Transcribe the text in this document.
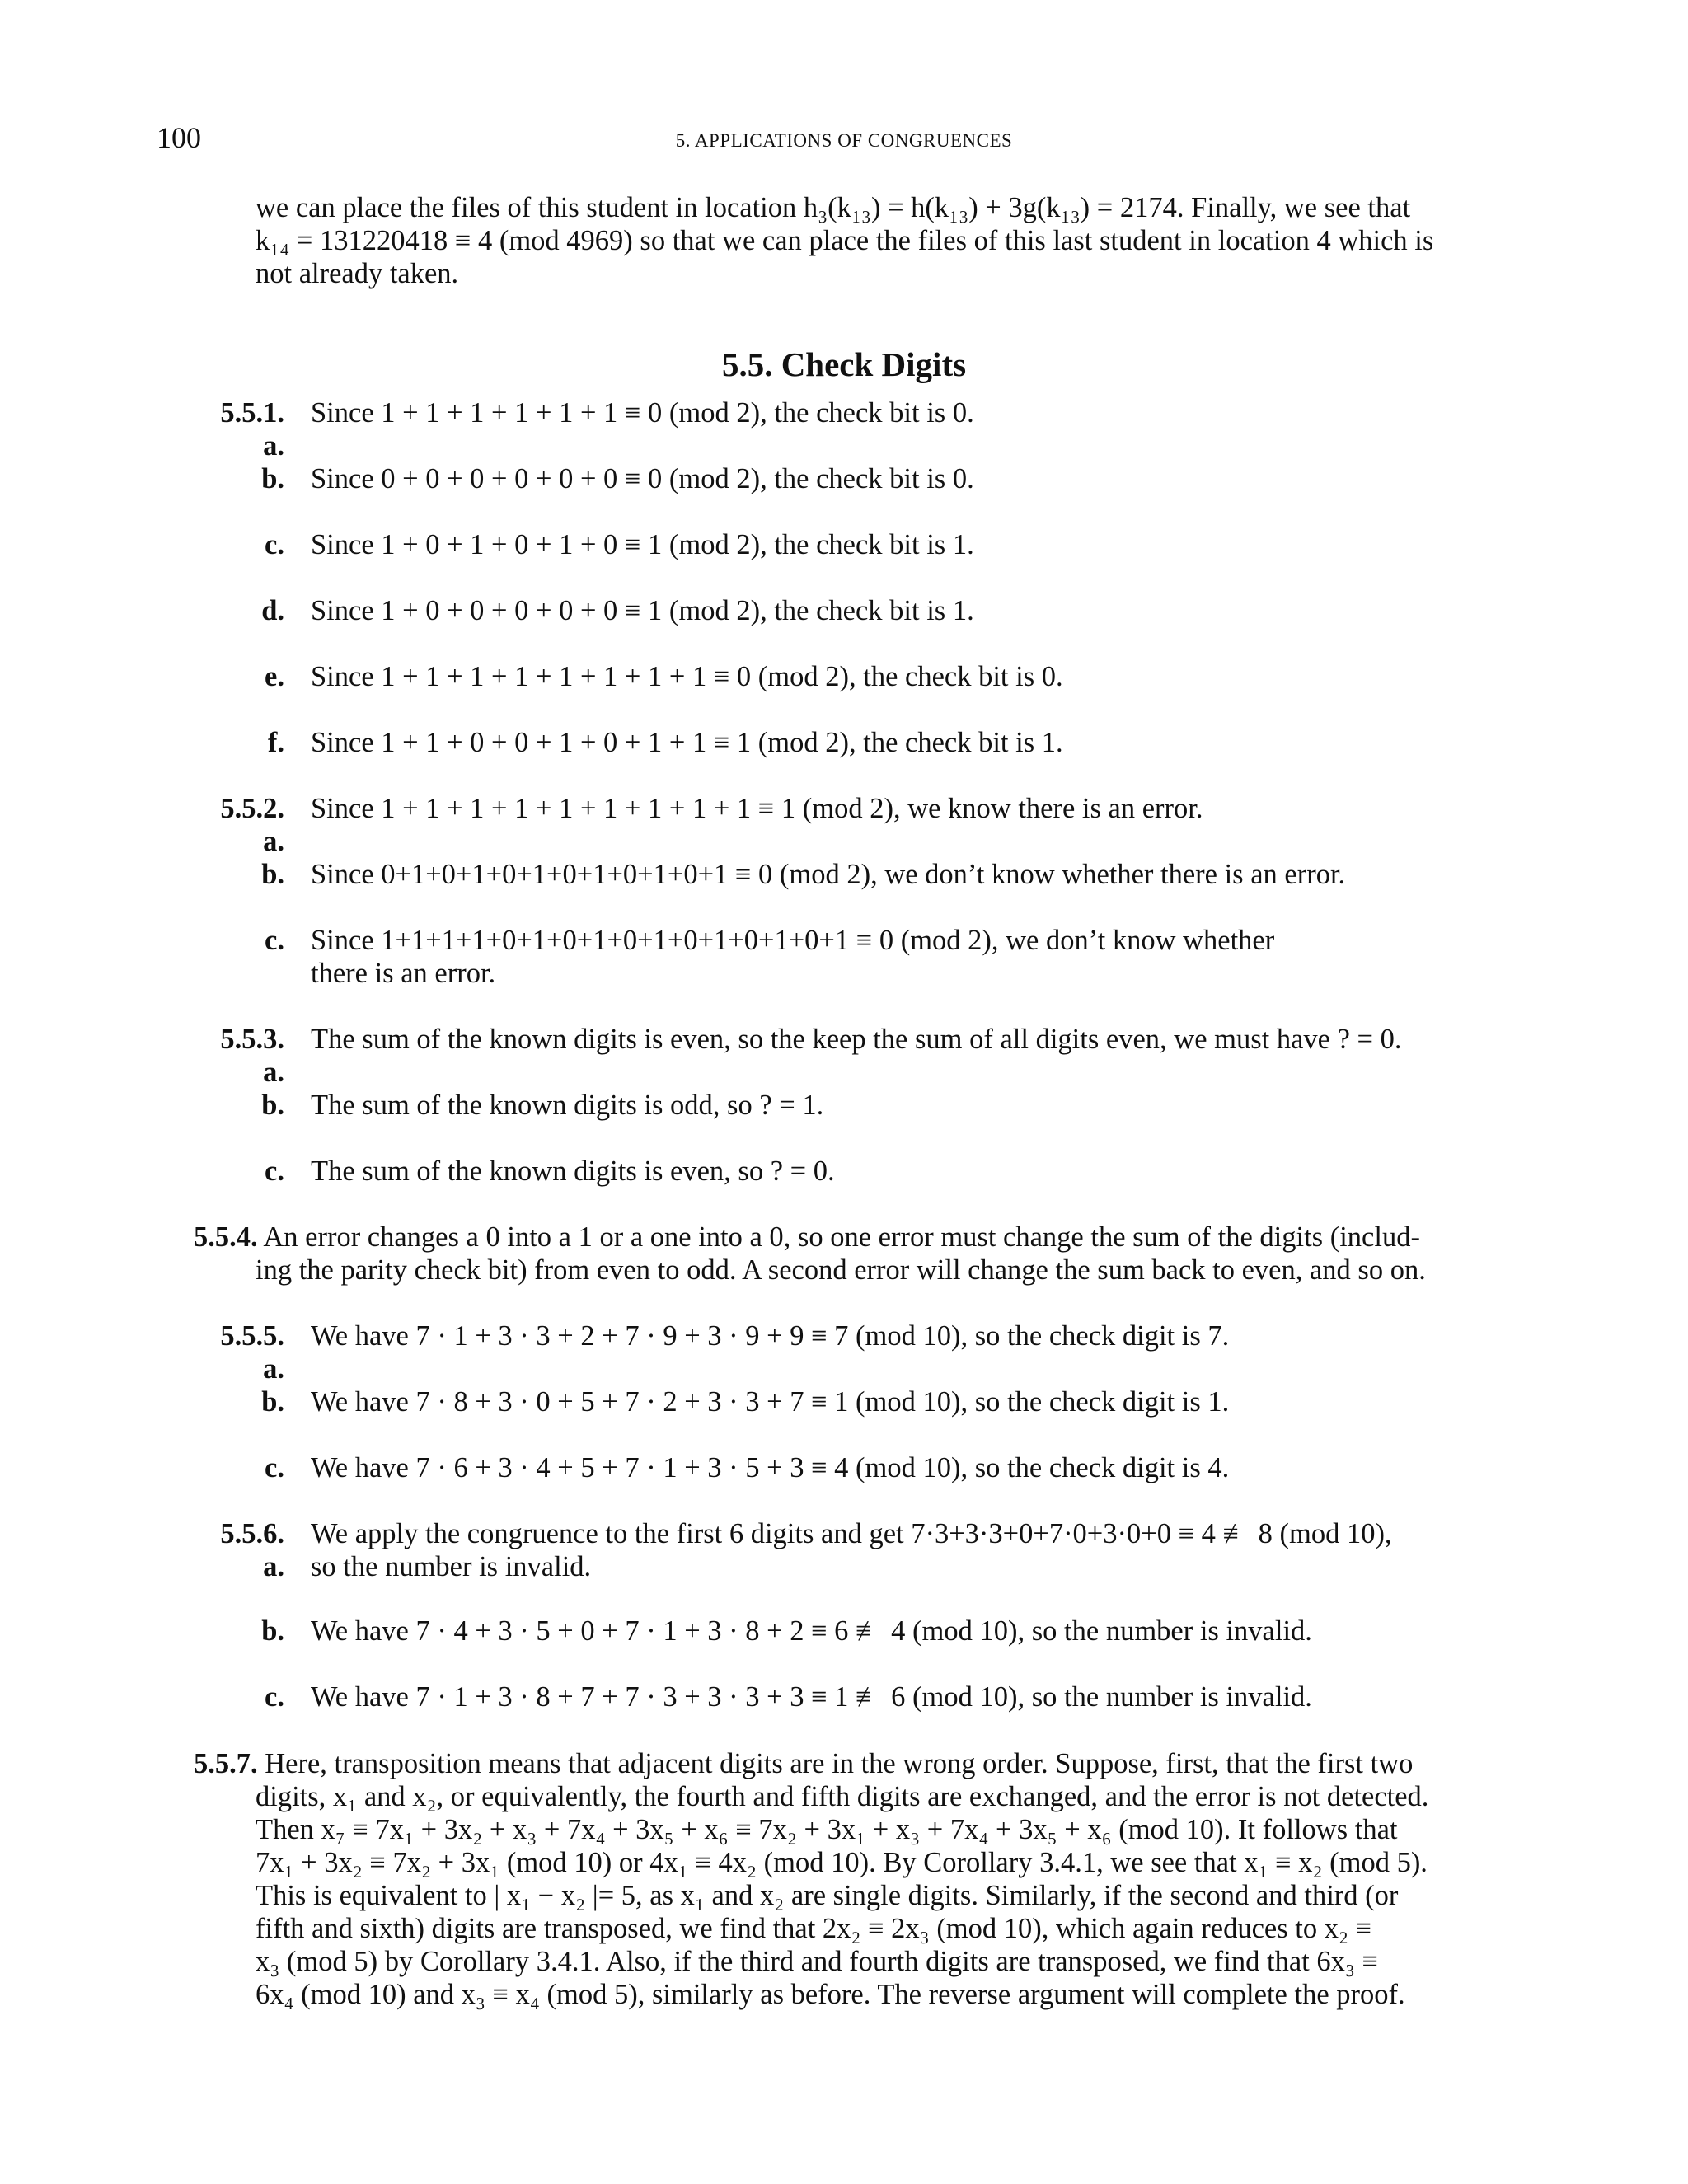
100	5. APPLICATIONS OF CONGRUENCES
we can place the files of this student in location h₃(k₁₃) = h(k₁₃) + 3g(k₁₃) = 2174. Finally, we see that
k₁₄ = 131220418 ≡ 4 (mod 4969) so that we can place the files of this last student in location 4 which is
not already taken.
5.5. Check Digits
5.5.1. a.
Since 1 + 1 + 1 + 1 + 1 + 1 ≡ 0 (mod 2), the check bit is 0.
b. Since 0 + 0 + 0 + 0 + 0 + 0 ≡ 0 (mod 2), the check bit is 0.
c. Since 1 + 0 + 1 + 0 + 1 + 0 ≡ 1 (mod 2), the check bit is 1.
d. Since 1 + 0 + 0 + 0 + 0 + 0 ≡ 1 (mod 2), the check bit is 1.
e. Since 1 + 1 + 1 + 1 + 1 + 1 + 1 + 1 ≡ 0 (mod 2), the check bit is 0.
f. Since 1 + 1 + 0 + 0 + 1 + 0 + 1 + 1 ≡ 1 (mod 2), the check bit is 1.
5.5.2. a.
Since 1 + 1 + 1 + 1 + 1 + 1 + 1 + 1 + 1 ≡ 1 (mod 2), we know there is an error.
b. Since 0+1+0+1+0+1+0+1+0+1+0+1 ≡ 0 (mod 2), we don’t know whether there is an error.
c. Since 1+1+1+1+0+1+0+1+0+1+0+1+0+1+0+1 ≡ 0 (mod 2), we don’t know whether
there is an error.
5.5.3. a.
The sum of the known digits is even, so the keep the sum of all digits even, we must have ? = 0.
b. The sum of the known digits is odd, so ? = 1.
c. The sum of the known digits is even, so ? = 0.
5.5.4. An error changes a 0 into a 1 or a one into a 0, so one error must change the sum of the digits (includ-
ing the parity check bit) from even to odd. A second error will change the sum back to even, and so on.
5.5.5. a.
We have 7 · 1 + 3 · 3 + 2 + 7 · 9 + 3 · 9 + 9 ≡ 7 (mod 10), so the check digit is 7.
b. We have 7 · 8 + 3 · 0 + 5 + 7 · 2 + 3 · 3 + 7 ≡ 1 (mod 10), so the check digit is 1.
c. We have 7 · 6 + 3 · 4 + 5 + 7 · 1 + 3 · 5 + 3 ≡ 4 (mod 10), so the check digit is 4.
5.5.6. a.
We apply the congruence to the first 6 digits and get 7·3+3·3+0+7·0+3·0+0 ≡ 4 ≢ 8 (mod 10),
so the number is invalid.
b. We have 7 · 4 + 3 · 5 + 0 + 7 · 1 + 3 · 8 + 2 ≡ 6 ≢ 4 (mod 10), so the number is invalid.
c. We have 7 · 1 + 3 · 8 + 7 + 7 · 3 + 3 · 3 + 3 ≡ 1 ≢ 6 (mod 10), so the number is invalid.
5.5.7. Here, transposition means that adjacent digits are in the wrong order. Suppose, first, that the first two
digits, x₁ and x₂, or equivalently, the fourth and fifth digits are exchanged, and the error is not detected.
Then x₇ ≡ 7x₁ + 3x₂ + x₃ + 7x₄ + 3x₅ + x₆ ≡ 7x₂ + 3x₁ + x₃ + 7x₄ + 3x₅ + x₆ (mod 10). It follows that
7x₁ + 3x₂ ≡ 7x₂ + 3x₁ (mod 10) or 4x₁ ≡ 4x₂ (mod 10). By Corollary 3.4.1, we see that x₁ ≡ x₂ (mod 5).
This is equivalent to | x₁ − x₂ |= 5, as x₁ and x₂ are single digits. Similarly, if the second and third (or
fifth and sixth) digits are transposed, we find that 2x₂ ≡ 2x₃ (mod 10), which again reduces to x₂ ≡
x₃ (mod 5) by Corollary 3.4.1. Also, if the third and fourth digits are transposed, we find that 6x₃ ≡
6x₄ (mod 10) and x₃ ≡ x₄ (mod 5), similarly as before. The reverse argument will complete the proof.
